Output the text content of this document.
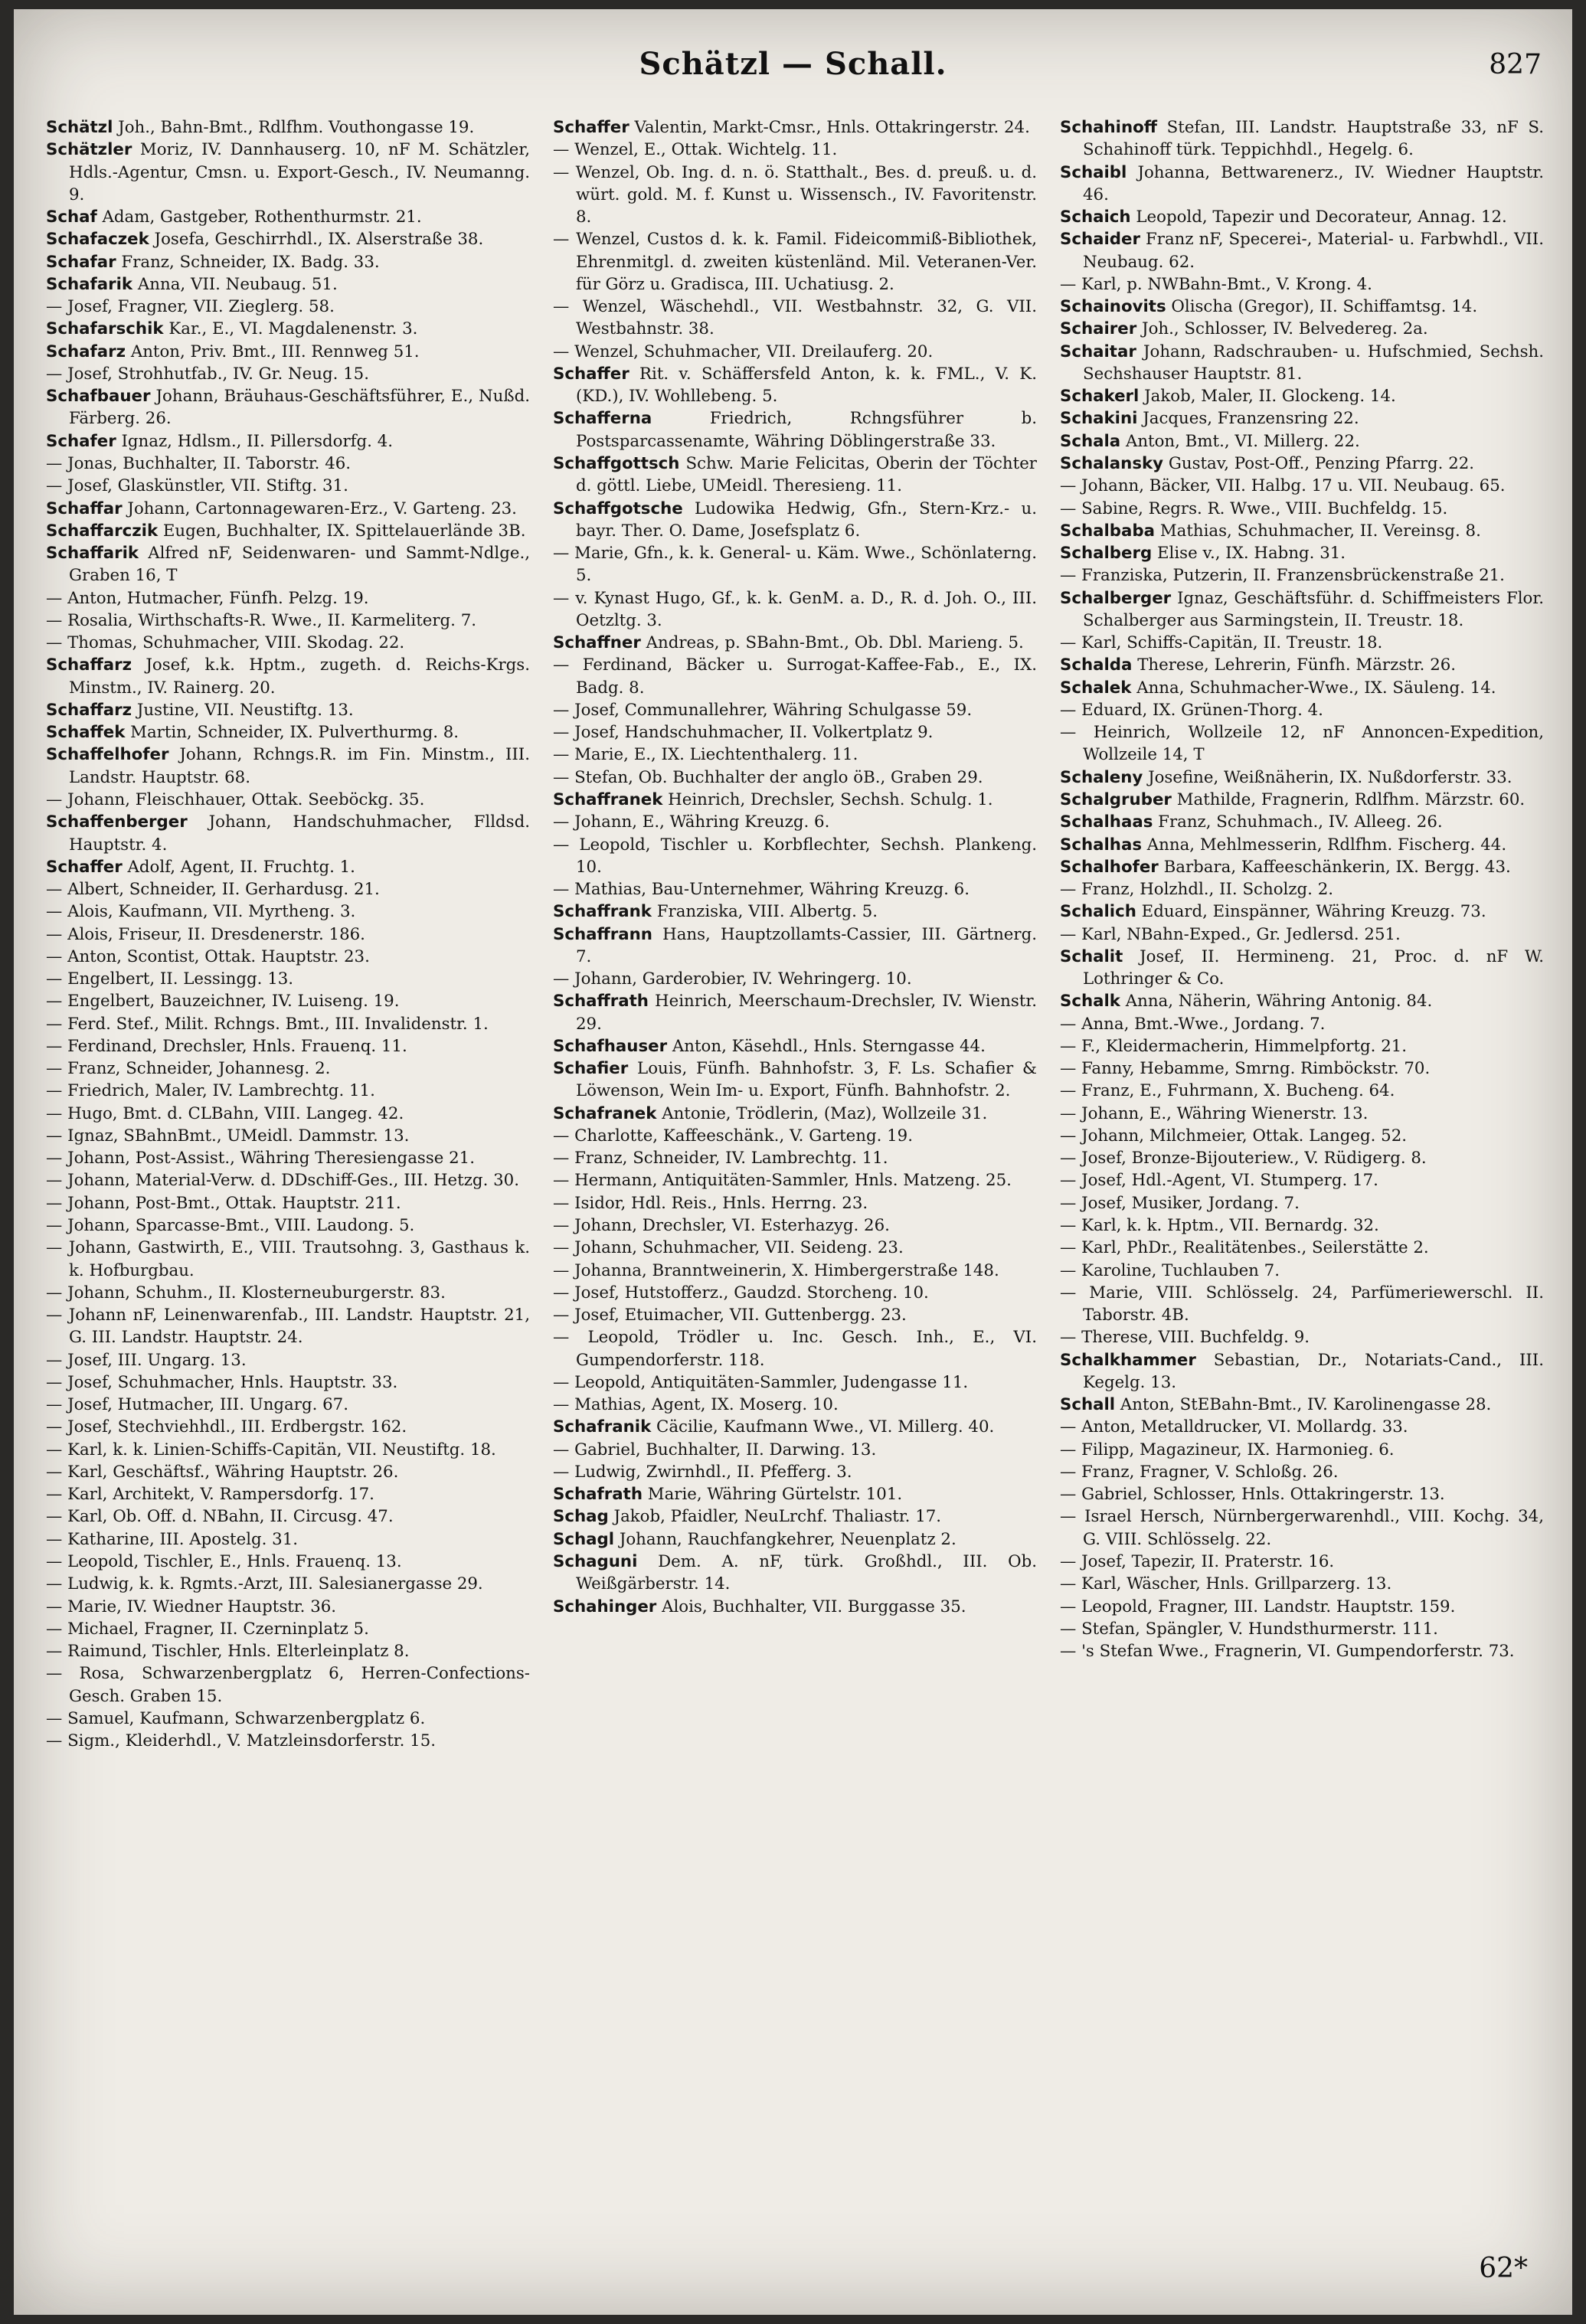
Schätzl — Schall.	827

Schätzl Joh., Bahn-Bmt., Rdlfhm. Vouthongasse 19.

Schätzler Moriz, IV. Dannhauserg. 10, nF M. Schätzler, Hdls.-Agentur, Cmsn. u. Export-Gesch., IV. Neumanng. 9.

Schaf Adam, Gastgeber, Rothenthurmstr. 21.

Schafaczek Josefa, Geschirrhdl., IX. Alserstraße 38.

Schafar Franz, Schneider, IX. Badg. 33.

Schafarik Anna, VII. Neubaug. 51.

— Josef, Fragner, VII. Zieglerg. 58.

Schafarschik Kar., E., VI. Magdalenenstr. 3.

Schafarz Anton, Priv. Bmt., III. Rennweg 51.

— Josef, Strohhutfab., IV. Gr. Neug. 15.

Schafbauer Johann, Bräuhaus-Geschäftsführer, E., Nußd. Färberg. 26.

Schafer Ignaz, Hdlsm., II. Pillersdorfg. 4.

— Jonas, Buchhalter, II. Taborstr. 46.

— Josef, Glaskünstler, VII. Stiftg. 31.

Schaffar Johann, Cartonnagewaren-Erz., V. Garteng. 23.

Schaffarczik Eugen, Buchhalter, IX. Spittelauerlände 3B.

Schaffarik Alfred nF, Seidenwaren- und Sammt-Ndlge., Graben 16, T

— Anton, Hutmacher, Fünfh. Pelzg. 19.

— Rosalia, Wirthschafts-R. Wwe., II. Karmeliterg. 7.

— Thomas, Schuhmacher, VIII. Skodag. 22.

Schaffarz Josef, k.k. Hptm., zugeth. d. Reichs-Krgs. Minstm., IV. Rainerg. 20.

Schaffarz Justine, VII. Neustiftg. 13.

Schaffek Martin, Schneider, IX. Pulverthurmg. 8.

Schaffelhofer Johann, Rchngs.R. im Fin. Minstm., III. Landstr. Hauptstr. 68.

— Johann, Fleischhauer, Ottak. Seeböckg. 35.

Schaffenberger Johann, Handschuhmacher, Flldsd. Hauptstr. 4.

Schaffer Adolf, Agent, II. Fruchtg. 1.

— Albert, Schneider, II. Gerhardusg. 21.

— Alois, Kaufmann, VII. Myrtheng. 3.

— Alois, Friseur, II. Dresdenerstr. 186.

— Anton, Scontist, Ottak. Hauptstr. 23.

— Engelbert, II. Lessingg. 13.

— Engelbert, Bauzeichner, IV. Luiseng. 19.

— Ferd. Stef., Milit. Rchngs. Bmt., III. Invalidenstr. 1.

— Ferdinand, Drechsler, Hnls. Frauenq. 11.

— Franz, Schneider, Johannesg. 2.

— Friedrich, Maler, IV. Lambrechtg. 11.

— Hugo, Bmt. d. CLBahn, VIII. Langeg. 42.

— Ignaz, SBahnBmt., UMeidl. Dammstr. 13.

— Johann, Post-Assist., Währing Theresiengasse 21.

— Johann, Material-Verw. d. DDschiff-Ges., III. Hetzg. 30.

— Johann, Post-Bmt., Ottak. Hauptstr. 211.

— Johann, Sparcasse-Bmt., VIII. Laudong. 5.

— Johann, Gastwirth, E., VIII. Trautsohng. 3, Gasthaus k. k. Hofburgbau.

— Johann, Schuhm., II. Klosterneuburgerstr. 83.

— Johann nF, Leinenwarenfab., III. Landstr. Hauptstr. 21, G. III. Landstr. Hauptstr. 24.

— Josef, III. Ungarg. 13.

— Josef, Schuhmacher, Hnls. Hauptstr. 33.

— Josef, Hutmacher, III. Ungarg. 67.

— Josef, Stechviehhdl., III. Erdbergstr. 162.

— Karl, k. k. Linien-Schiffs-Capitän, VII. Neustiftg. 18.

— Karl, Geschäftsf., Währing Hauptstr. 26.

— Karl, Architekt, V. Rampersdorfg. 17.

— Karl, Ob. Off. d. NBahn, II. Circusg. 47.

— Katharine, III. Apostelg. 31.

— Leopold, Tischler, E., Hnls. Frauenq. 13.

— Ludwig, k. k. Rgmts.-Arzt, III. Salesianergasse 29.

— Marie, IV. Wiedner Hauptstr. 36.

— Michael, Fragner, II. Czerninplatz 5.

— Raimund, Tischler, Hnls. Elterleinplatz 8.

— Rosa, Schwarzenbergplatz 6, Herren-Confections-Gesch. Graben 15.

— Samuel, Kaufmann, Schwarzenbergplatz 6.

— Sigm., Kleiderhdl., V. Matzleinsdorferstr. 15.

Schaffer Valentin, Markt-Cmsr., Hnls. Ottakringerstr. 24.

— Wenzel, E., Ottak. Wichtelg. 11.

— Wenzel, Ob. Ing. d. n. ö. Statthalt., Bes. d. preuß. u. d. würt. gold. M. f. Kunst u. Wissensch., IV. Favoritenstr. 8.

— Wenzel, Custos d. k. k. Famil. Fideicommiß-Bibliothek, Ehrenmitgl. d. zweiten küstenländ. Mil. Veteranen-Ver. für Görz u. Gradisca, III. Uchatiusg. 2.

— Wenzel, Wäschehdl., VII. Westbahnstr. 32, G. VII. Westbahnstr. 38.

— Wenzel, Schuhmacher, VII. Dreilauferg. 20.

Schaffer Rit. v. Schäffersfeld Anton, k. k. FML., V. K. (KD.), IV. Wohllebeng. 5.

Schafferna	Friedrich, Rchngsführer b. Postsparcassenamte, Währing Döblingerstraße 33.

Schaffgottsch Schw. Marie Felicitas, Oberin der Töchter d. göttl. Liebe, UMeidl. Theresieng. 11.

Schaffgotsche Ludowika Hedwig, Gfn., Stern-Krz.- u. bayr. Ther. O. Dame, Josefsplatz 6.

— Marie, Gfn., k. k. General- u. Käm. Wwe., Schönlaterng. 5.

— v. Kynast Hugo, Gf., k. k. GenM. a. D., R. d. Joh. O., III. Oetzltg. 3.

Schaffner Andreas, p. SBahn-Bmt., Ob. Dbl. Marieng. 5.

— Ferdinand, Bäcker u. Surrogat-Kaffee-Fab., E., IX. Badg. 8.

— Josef, Communallehrer, Währing Schulgasse 59.

— Josef, Handschuhmacher, II. Volkertplatz 9.

— Marie, E., IX. Liechtenthalerg. 11.

— Stefan, Ob. Buchhalter der anglo öB., Graben 29.

Schaffranek Heinrich, Drechsler, Sechsh. Schulg. 1.

— Johann, E., Währing Kreuzg. 6.

— Leopold, Tischler u. Korbflechter, Sechsh. Plankeng. 10.

— Mathias, Bau-Unternehmer, Währing Kreuzg. 6.

Schaffrank Franziska, VIII. Albertg. 5.

Schaffrann Hans, Hauptzollamts-Cassier, III. Gärtnerg. 7.

— Johann, Garderobier, IV. Wehringerg. 10.

Schaffrath Heinrich, Meerschaum-Drechsler, IV. Wienstr. 29.

Schafhauser Anton, Käsehdl., Hnls. Sterngasse 44.

Schafier Louis, Fünfh. Bahnhofstr. 3, F. Ls. Schafier & Löwenson, Wein Im- u. Export, Fünfh. Bahnhofstr. 2.

Schafranek Antonie, Trödlerin, (Maz), Wollzeile 31.

— Charlotte, Kaffeeschänk., V. Garteng. 19.

— Franz, Schneider, IV. Lambrechtg. 11.

— Hermann, Antiquitäten-Sammler, Hnls. Matzeng. 25.

— Isidor, Hdl. Reis., Hnls. Herrng. 23.

— Johann, Drechsler, VI. Esterhazyg. 26.

— Johann, Schuhmacher, VII. Seideng. 23.

— Johanna, Branntweinerin, X. Himbergerstraße 148.

— Josef, Hutstofferz., Gaudzd. Storcheng. 10.

— Josef, Etuimacher, VII. Guttenbergg. 23.

— Leopold, Trödler u. Inc. Gesch. Inh., E., VI. Gumpendorferstr. 118.

— Leopold, Antiquitäten-Sammler, Judengasse 11.

— Mathias, Agent, IX. Moserg. 10.

Schafranik Cäcilie, Kaufmann Wwe., VI. Millerg. 40.

— Gabriel, Buchhalter, II. Darwing. 13.

— Ludwig, Zwirnhdl., II. Pfefferg. 3.

Schafrath Marie, Währing Gürtelstr. 101.

Schag Jakob, Pfaidler, NeuLrchf. Thaliastr. 17.

Schagl Johann, Rauchfangkehrer, Neuenplatz 2.

Schaguni Dem. A. nF, türk. Großhdl., III. Ob. Weißgärberstr. 14.

Schahinger Alois, Buchhalter, VII. Burggasse 35.

Schahinoff Stefan, III. Landstr. Hauptstraße 33, nF S. Schahinoff türk. Teppichhdl., Hegelg. 6.

Schaibl Johanna, Bettwarenerz., IV. Wiedner Hauptstr. 46.

Schaich Leopold, Tapezir und Decorateur, Annag. 12.

Schaider Franz nF, Specerei-, Material- u. Farbwhdl., VII. Neubaug. 62.

— Karl, p. NWBahn-Bmt., V. Krong. 4.

Schainovits Olischa (Gregor), II. Schiffamtsg. 14.

Schairer Joh., Schlosser, IV. Belvedereg. 2a.

Schaitar Johann, Radschrauben- u. Hufschmied, Sechsh. Sechshauser Hauptstr. 81.

Schakerl Jakob, Maler, II. Glockeng. 14.

Schakini Jacques, Franzensring 22.

Schala Anton, Bmt., VI. Millerg. 22.

Schalansky Gustav, Post-Off., Penzing Pfarrg. 22.

— Johann, Bäcker, VII. Halbg. 17 u. VII. Neubaug. 65.

— Sabine, Regrs. R. Wwe., VIII. Buchfeldg. 15.

Schalbaba Mathias, Schuhmacher, II. Vereinsg. 8.

Schalberg Elise v., IX. Habng. 31.

— Franziska, Putzerin, II. Franzensbrückenstraße 21.

Schalberger Ignaz, Geschäftsführ. d. Schiffmeisters Flor. Schalberger aus Sarmingstein, II. Treustr. 18.

— Karl, Schiffs-Capitän, II. Treustr. 18.

Schalda Therese, Lehrerin, Fünfh. Märzstr. 26.

Schalek Anna, Schuhmacher-Wwe., IX. Säuleng. 14.

— Eduard, IX. Grünen-Thorg. 4.

— Heinrich, Wollzeile 12, nF Annoncen-Expedition, Wollzeile 14, T

Schaleny Josefine, Weißnäherin, IX. Nußdorferstr. 33.

Schalgruber Mathilde, Fragnerin, Rdlfhm. Märzstr. 60.

Schalhaas Franz, Schuhmach., IV. Alleeg. 26.

Schalhas Anna, Mehlmesserin, Rdlfhm. Fischerg. 44.

Schalhofer Barbara, Kaffeeschänkerin, IX. Bergg. 43.

— Franz, Holzhdl., II. Scholzg. 2.

Schalich Eduard, Einspänner, Währing Kreuzg. 73.

— Karl, NBahn-Exped., Gr. Jedlersd. 251.

Schalit Josef, II. Hermineng. 21, Proc. d. nF W. Lothringer & Co.

Schalk Anna, Näherin, Währing Antonig. 84.

— Anna, Bmt.-Wwe., Jordang. 7.

— F., Kleidermacherin, Himmelpfortg. 21.

— Fanny, Hebamme, Smrng. Rimböckstr. 70.

— Franz, E., Fuhrmann, X. Bucheng. 64.

— Johann, E., Währing Wienerstr. 13.

— Johann, Milchmeier, Ottak. Langeg. 52.

— Josef, Bronze-Bijouteriew., V. Rüdigerg. 8.

— Josef, Hdl.-Agent, VI. Stumperg. 17.

— Josef, Musiker, Jordang. 7.

— Karl, k. k. Hptm., VII. Bernardg. 32.

— Karl, PhDr., Realitätenbes., Seilerstätte 2.

— Karoline, Tuchlauben 7.

— Marie, VIII. Schlösselg. 24, Parfümeriewerschl. II. Taborstr. 4B.

— Therese, VIII. Buchfeldg. 9.

Schalkhammer Sebastian, Dr., Notariats-Cand., III. Kegelg. 13.

Schall Anton, StEBahn-Bmt., IV. Karolinengasse 28.

— Anton, Metalldrucker, VI. Mollardg. 33.

— Filipp, Magazineur, IX. Harmonieg. 6.

— Franz, Fragner, V. Schloßg. 26.

— Gabriel, Schlosser, Hnls. Ottakringerstr. 13.

— Israel Hersch, Nürnbergerwarenhdl., VIII. Kochg. 34, G. VIII. Schlösselg. 22.

— Josef, Tapezir, II. Praterstr. 16.

— Karl, Wäscher, Hnls. Grillparzerg. 13.

— Leopold, Fragner, III. Landstr. Hauptstr. 159.

— Stefan, Spängler, V. Hundsthurmerstr. 111.

— 's Stefan Wwe., Fragnerin, VI. Gumpendorferstr. 73.

62*
